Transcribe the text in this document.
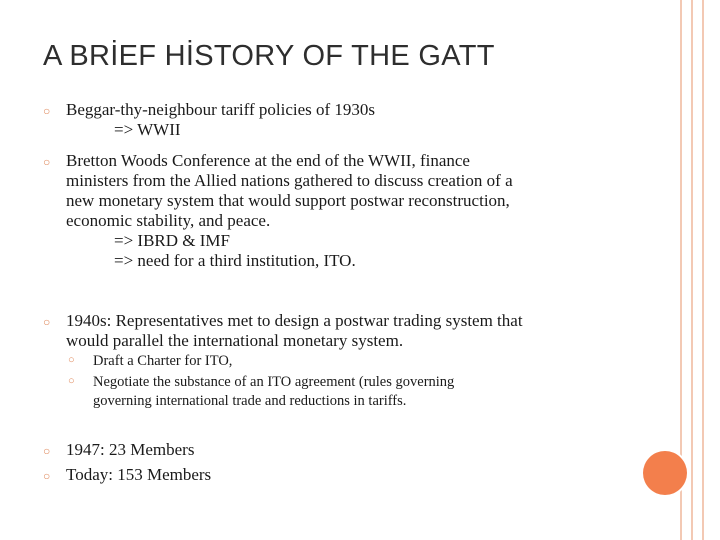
A BRİEF HİSTORY OF THE GATT
○ Beggar-thy-neighbour tariff policies of 1930s
=> WWII
○ Bretton Woods Conference at the end of the WWII, finance
ministers from the Allied nations gathered to discuss creation of a
new monetary system that would support postwar reconstruction,
economic stability, and peace.
=> IBRD & IMF
=> need for a third institution, ITO.
○ 1940s: Representatives met to design a postwar trading system that
would parallel the international monetary system.
○ Draft a Charter for ITO,
○ Negotiate the substance of an ITO agreement (rules governing
governing international trade and reductions in tariffs.
○ 1947: 23 Members
○ Today: 153 Members
